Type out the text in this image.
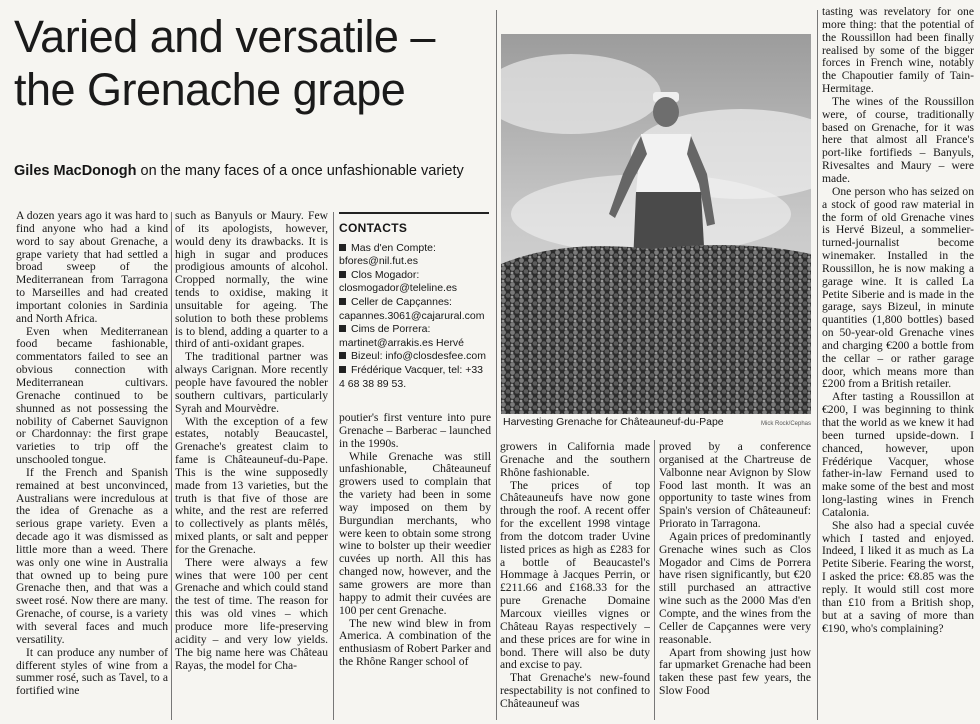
Varied and versatile – the Grenache grape
Giles MacDonogh on the many faces of a once unfashionable variety

A dozen years ago it was hard to find anyone who had a kind word to say about Grenache, a grape variety that had settled a broad sweep of the Mediterranean from Tarragona to Marseilles and had created important colonies in Sardinia and North Africa.

Even when Mediterranean food became fashionable, commentators failed to see an obvious connection with Mediterranean cultivars. Grenache continued to be shunned as not possessing the nobility of Cabernet Sauvignon or Chardonnay: the first grape varieties to trip off the unschooled tongue.

If the French and Spanish remained at best unconvinced, Australians were incredulous at the idea of Grenache as a serious grape variety. Even a decade ago it was dismissed as little more than a weed. There was only one wine in Australia that owned up to being pure Grenache then, and that was a sweet rosé. Now there are many. Grenache, of course, is a variety with several faces and much versatility.

It can produce any number of different styles of wine from a summer rosé, such as Tavel, to a fortified wine

such as Banyuls or Maury. Few of its apologists, however, would deny its drawbacks. It is high in sugar and produces prodigious amounts of alcohol. Cropped normally, the wine tends to oxidise, making it unsuitable for ageing. The solution to both these problems is to blend, adding a quarter to a third of anti-oxidant grapes.

The traditional partner was always Carignan. More recently people have favoured the nobler southern cultivars, particularly Syrah and Mourvèdre.

With the exception of a few estates, notably Beaucastel, Grenache's greatest claim to fame is Châteauneuf-du-Pape. This is the wine supposedly made from 13 varieties, but the truth is that five of those are white, and the rest are referred to collectively as plants mêlés, mixed plants, or salt and pepper for the Grenache.

There were always a few wines that were 100 per cent Grenache and which could stand the test of time. The reason for this was old vines – which produce more life-preserving acidity – and very low yields. The big name here was Château Rayas, the model for Cha-

CONTACTS
Mas d'en Compte: bfores@nil.fut.es
Clos Mogador: closmogador@teleline.es
Celler de Capçannes: capannes.3061@cajarural.com
Cims de Porrera: martinet@arrakis.es Hervé
Bizeul: info@closdesfee.com
Frédérique Vacquer, tel: +33 4 68 38 89 53.

poutier's first venture into pure Grenache – Barberac – launched in the 1990s.

While Grenache was still unfashionable, Châteauneuf growers used to complain that the variety had been in some way imposed on them by Burgundian merchants, who were keen to obtain some strong wine to bolster up their weedier cuvées up north. All this has changed now, however, and the same growers are more than happy to admit their cuvées are 100 per cent Grenache.

The new wind blew in from America. A combination of the enthusiasm of Robert Parker and the Rhône Ranger school of

Harvesting Grenache for Châteauneuf-du-Pape	Mick Rock/Cephas

growers in California made Grenache and the southern Rhône fashionable.

The prices of top Châteauneufs have now gone through the roof. A recent offer for the excellent 1998 vintage from the dotcom trader Uvine listed prices as high as £283 for a bottle of Beaucastel's Hommage à Jacques Perrin, or £211.66 and £168.33 for the pure Grenache Domaine Marcoux vieilles vignes or Château Rayas respectively – and these prices are for wine in bond. There will also be duty and excise to pay.

That Grenache's new-found respectability is not confined to Châteauneuf was

proved by a conference organised at the Chartreuse de Valbonne near Avignon by Slow Food last month. It was an opportunity to taste wines from Spain's version of Châteauneuf: Priorato in Tarragona.

Again prices of predominantly Grenache wines such as Clos Mogador and Cims de Porrera have risen significantly, but €20 still purchased an attractive wine such as the 2000 Mas d'en Compte, and the wines from the Celler de Capçannes were very reasonable.

Apart from showing just how far upmarket Grenache had been taken these past few years, the Slow Food

tasting was revelatory for one more thing: that the potential of the Roussillon had been finally realised by some of the bigger forces in French wine, notably the Chapoutier family of Tain-Hermitage.

The wines of the Roussillon were, of course, traditionally based on Grenache, for it was here that almost all France's port-like fortifieds – Banyuls, Rivesaltes and Maury – were made.

One person who has seized on a stock of good raw material in the form of old Grenache vines is Hervé Bizeul, a sommelier-turned-journalist become winemaker. Installed in the Roussillon, he is now making a garage wine. It is called La Petite Siberie and is made in the garage, says Bizeul, in minute quantities (1,800 bottles) based on 50-year-old Grenache vines and charging €200 a bottle from the cellar – or rather garage door, which means more than £200 from a British retailer.

After tasting a Roussillon at €200, I was beginning to think that the world as we knew it had been turned upside-down. I chanced, however, upon Frédérique Vacquer, whose father-in-law Fernand used to make some of the best and most long-lasting wines in French Catalonia.

She also had a special cuvée which I tasted and enjoyed. Indeed, I liked it as much as La Petite Siberie. Fearing the worst, I asked the price: €8.85 was the reply. It would still cost more than £10 from a British shop, but at a saving of more than €190, who's complaining?
